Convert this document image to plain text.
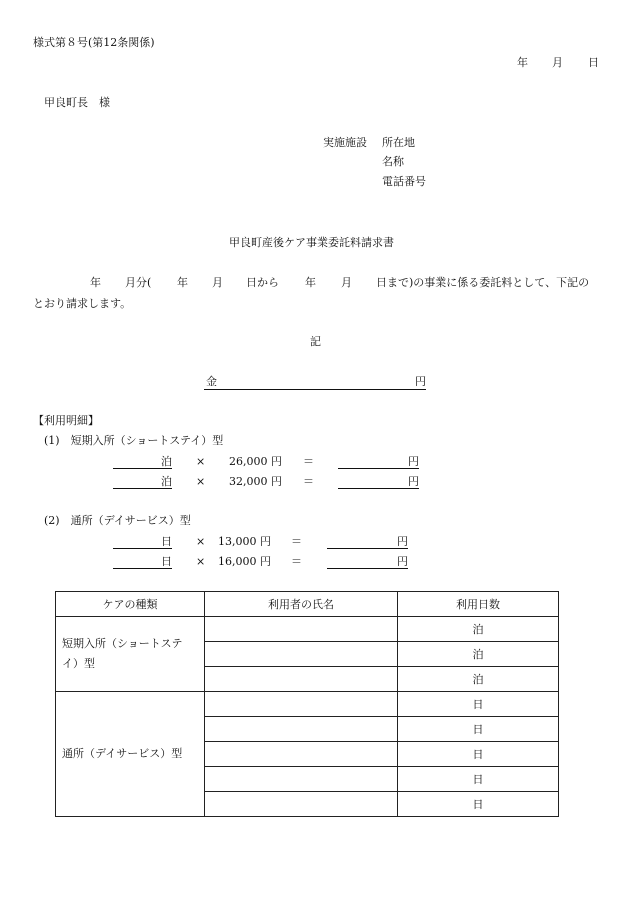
様式第８号(第12条関係)
年 月 日
甲良町長　様
実施施設 所在地
名称
電話番号
甲良町産後ケア事業委託料請求書
年 月分( 年 月 日から 年 月 日まで)の事業に係る委託料として、下記の
とおり請求します。
記
金	円
【利用明細】
(1)　短期入所（ショートステイ）型
泊 × 26,000 円 ＝	円
泊 × 32,000 円 ＝	円
(2)　通所（デイサービス）型
日 × 13,000 円 ＝	円
日 × 16,000 円 ＝	円
ケアの種類	利用者の氏名	利用日数

短期入所（ショートステイ）型		泊
		泊
		泊
通所（デイサービス）型		日
		日
		日
		日
		日
